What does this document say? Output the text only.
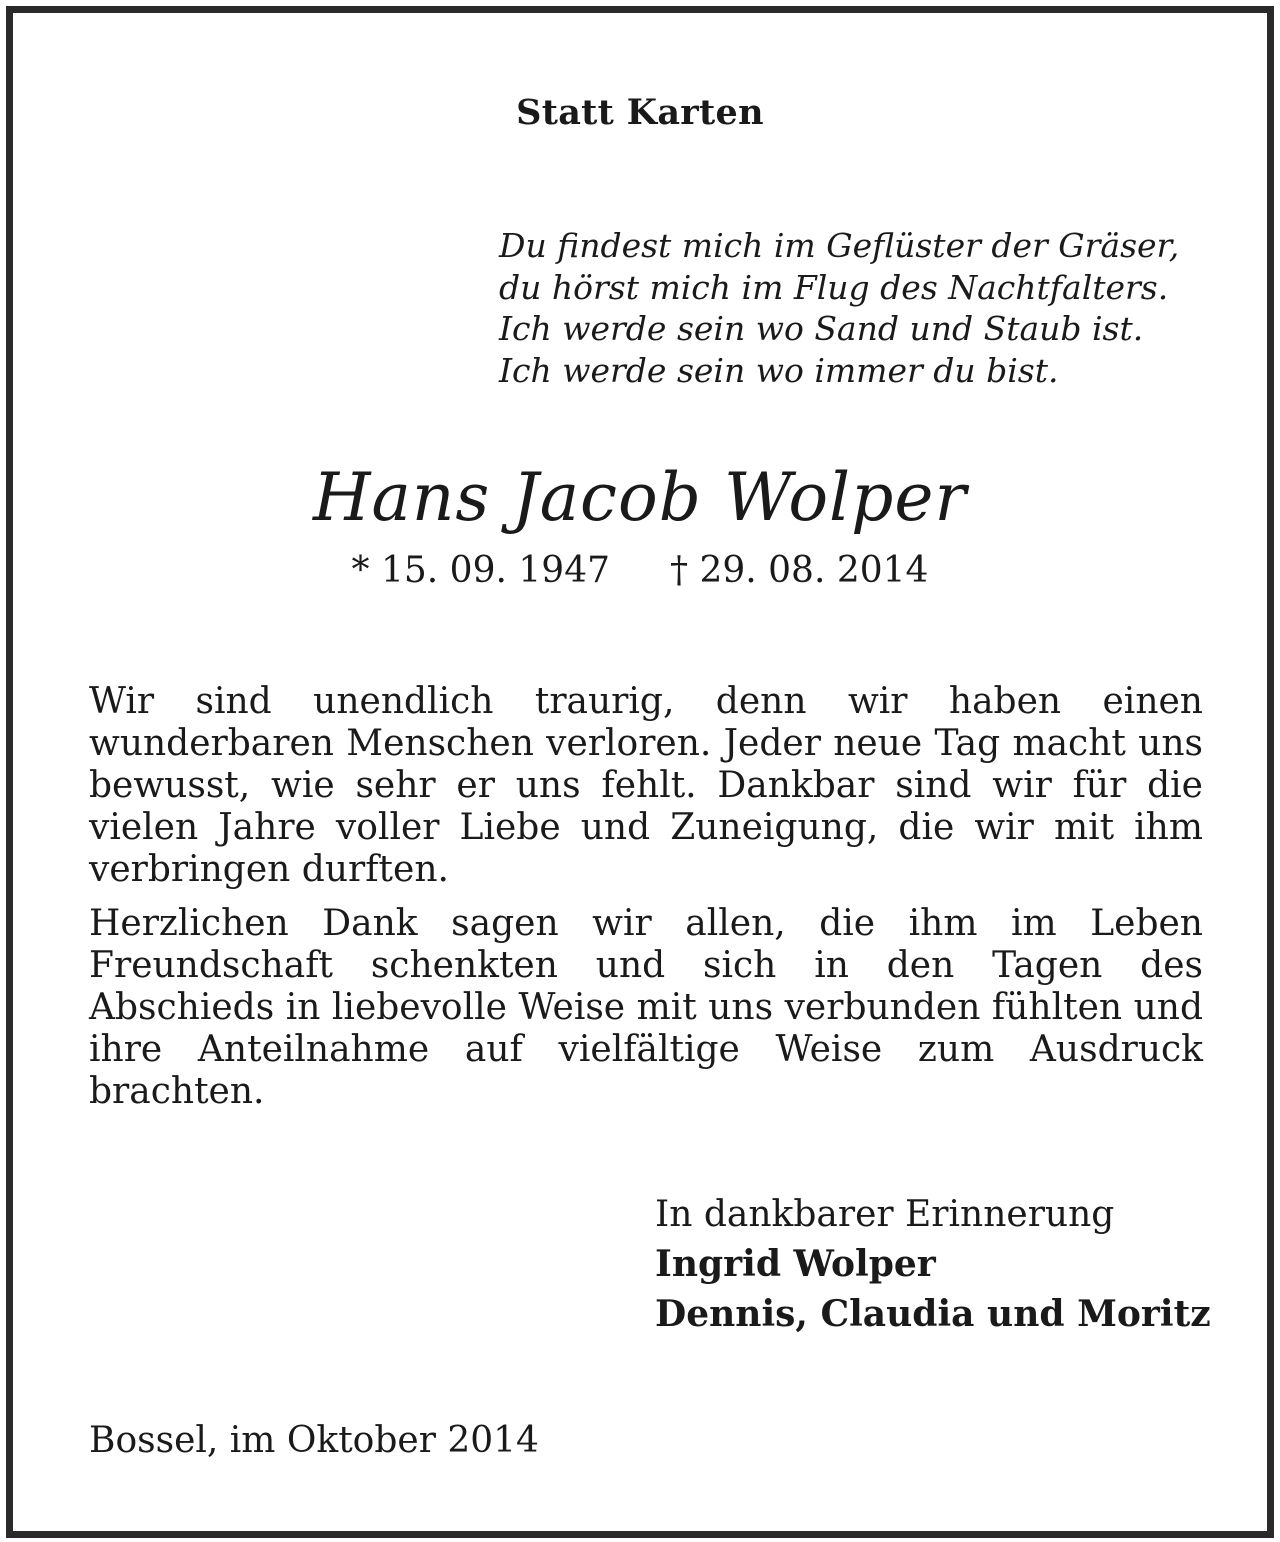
Statt Karten
Du findest mich im Geflüster der Gräser,
du hörst mich im Flug des Nachtfalters.
Ich werde sein wo Sand und Staub ist.
Ich werde sein wo immer du bist.
Hans Jacob Wolper
* 15. 09. 1947 † 29. 08. 2014

Wir sind unendlich traurig, denn wir haben einen wunderbaren Menschen verloren. Jeder neue Tag macht uns bewusst, wie sehr er uns fehlt. Dankbar sind wir für die vielen Jahre voller Liebe und Zuneigung, die wir mit ihm verbringen durften.

Herzlichen Dank sagen wir allen, die ihm im Leben Freundschaft schenkten und sich in den Tagen des Abschieds in liebevolle Weise mit uns verbunden fühlten und ihre Anteilnahme auf vielfältige Weise zum Ausdruck brachten.

In dankbarer Erinnerung
Ingrid Wolper
Dennis, Claudia und Moritz
Bossel, im Oktober 2014
